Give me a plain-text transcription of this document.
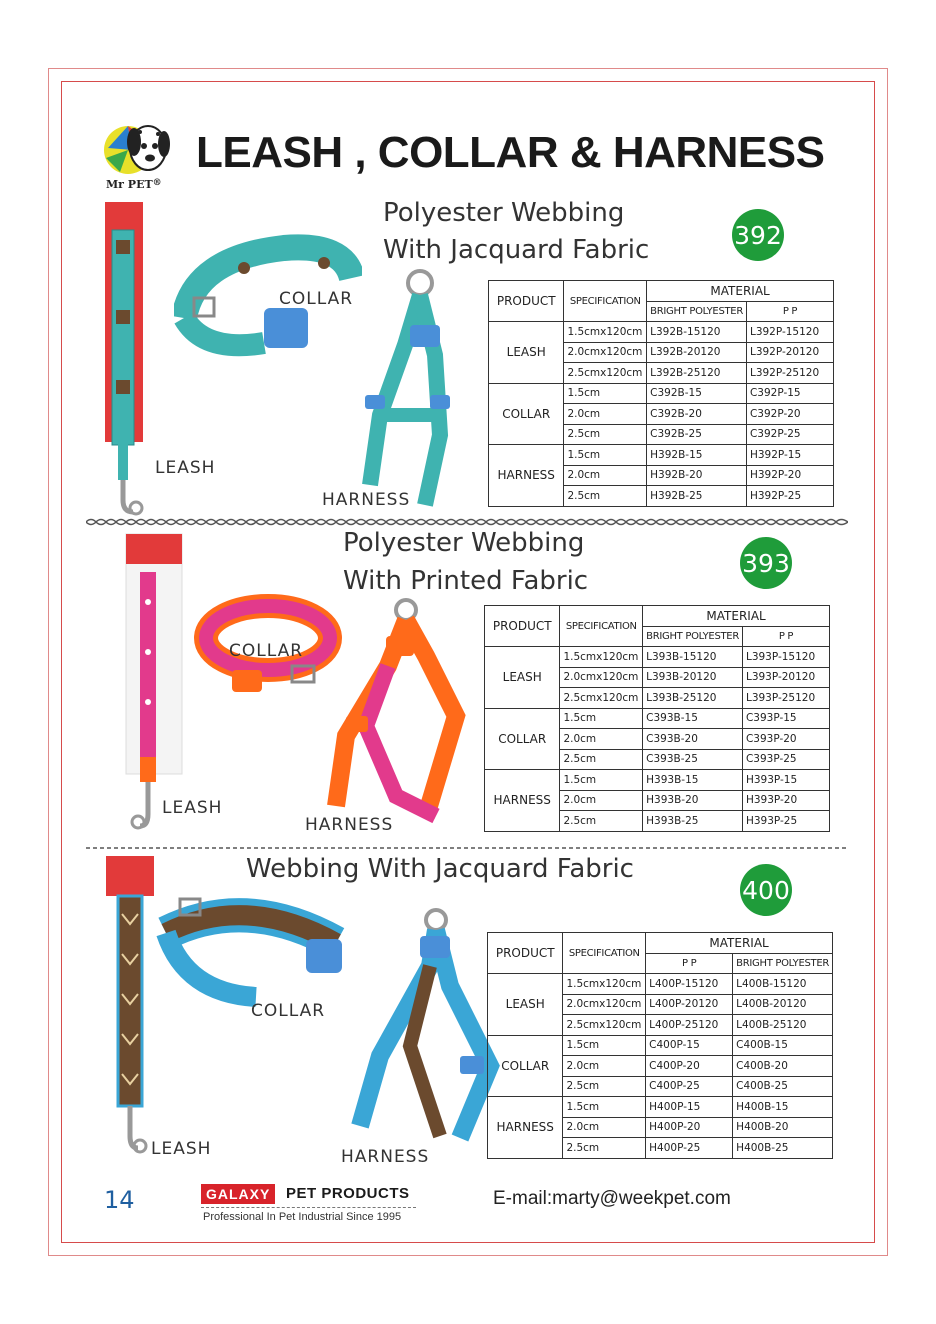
Mr PET®
LEASH , COLLAR & HARNESS
Polyester Webbing
With Jacquard Fabric	392
COLLAR
LEASH
HARNESS
PRODUCT	SPECIFICATION	MATERIAL	
		BRIGHT POLYESTER	P P
LEASH	1.5cmx120cm	L392B-15120	L392P-15120
	2.0cmx120cm	L392B-20120	L392P-20120
	2.5cmx120cm	L392B-25120	L392P-25120
COLLAR	1.5cm	C392B-15	C392P-15
	2.0cm	C392B-20	C392P-20
	2.5cm	C392B-25	C392P-25
HARNESS	1.5cm	H392B-15	H392P-15
	2.0cm	H392B-20	H392P-20
	2.5cm	H392B-25	H392P-25
Polyester Webbing
With Printed Fabric
393
COLLAR
LEASH
HARNESS
PRODUCT	SPECIFICATION	MATERIAL	
		BRIGHT POLYESTER	P P
LEASH	1.5cmx120cm	L393B-15120	L393P-15120
	2.0cmx120cm	L393B-20120	L393P-20120
	2.5cmx120cm	L393B-25120	L393P-25120
COLLAR	1.5cm	C393B-15	C393P-15
	2.0cm	C393B-20	C393P-20
	2.5cm	C393B-25	C393P-25
HARNESS	1.5cm	H393B-15	H393P-15
	2.0cm	H393B-20	H393P-20
	2.5cm	H393B-25	H393P-25
Webbing With Jacquard Fabric
400
COLLAR
LEASH	HARNESS
PRODUCT	SPECIFICATION	MATERIAL	
		P P	BRIGHT POLYESTER
LEASH	1.5cmx120cm	L400P-15120	L400B-15120
	2.0cmx120cm	L400P-20120	L400B-20120
	2.5cmx120cm	L400P-25120	L400B-25120
COLLAR	1.5cm	C400P-15	C400B-15
	2.0cm	C400P-20	C400B-20
	2.5cm	C400P-25	C400B-25
HARNESS	1.5cm	H400P-15	H400B-15
	2.0cm	H400P-20	H400B-20
	2.5cm	H400P-25	H400B-25
14	GALAXY	PET PRODUCTS
Professional In Pet Industrial Since 1995
E-mail:marty@weekpet.com
